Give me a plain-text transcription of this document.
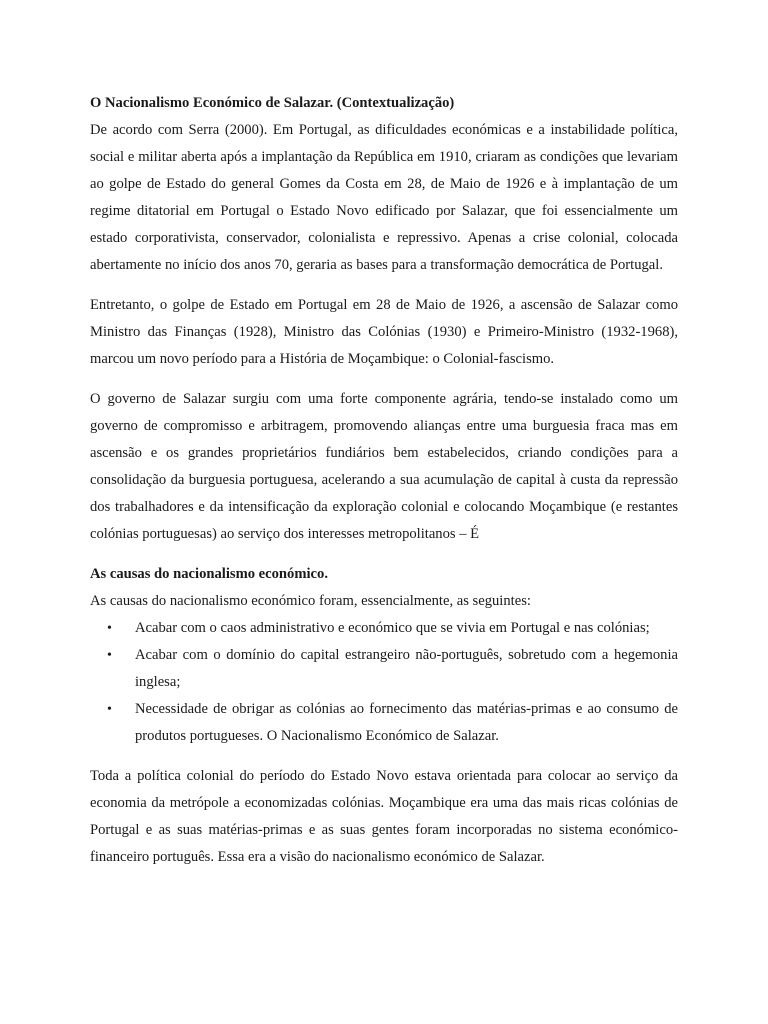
O Nacionalismo Económico de Salazar. (Contextualização)

De acordo com Serra (2000). Em Portugal, as dificuldades económicas e a instabilidade política, social e militar aberta após a implantação da República em 1910, criaram as condições que levariam ao golpe de Estado do general Gomes da Costa em 28, de Maio de 1926 e à implantação de um regime ditatorial em Portugal o Estado Novo edificado por Salazar, que foi essencialmente um estado corporativista, conservador, colonialista e repressivo. Apenas a crise colonial, colocada abertamente no início dos anos 70, geraria as bases para a transformação democrática de Portugal.

Entretanto, o golpe de Estado em Portugal em 28 de Maio de 1926, a ascensão de Salazar como Ministro das Finanças (1928), Ministro das Colónias (1930) e Primeiro-Ministro (1932-1968), marcou um novo período para a História de Moçambique: o Colonial-fascismo.

O governo de Salazar surgiu com uma forte componente agrária, tendo-se instalado como um governo de compromisso e arbitragem, promovendo alianças entre uma burguesia fraca mas em ascensão e os grandes proprietários fundiários bem estabelecidos, criando condições para a consolidação da burguesia portuguesa, acelerando a sua acumulação de capital à custa da repressão dos trabalhadores e da intensificação da exploração colonial e colocando Moçambique (e restantes colónias portuguesas) ao serviço dos interesses metropolitanos – É

As causas do nacionalismo económico.

As causas do nacionalismo económico foram, essencialmente, as seguintes:

• Acabar com o caos administrativo e económico que se vivia em Portugal e nas colónias;
• Acabar com o domínio do capital estrangeiro não-português, sobretudo com a hegemonia inglesa;
• Necessidade de obrigar as colónias ao fornecimento das matérias-primas e ao consumo de produtos portugueses. O Nacionalismo Económico de Salazar.

Toda a política colonial do período do Estado Novo estava orientada para colocar ao serviço da economia da metrópole a economizadas colónias. Moçambique era uma das mais ricas colónias de Portugal e as suas matérias-primas e as suas gentes foram incorporadas no sistema económico-financeiro português. Essa era a visão do nacionalismo económico de Salazar.
